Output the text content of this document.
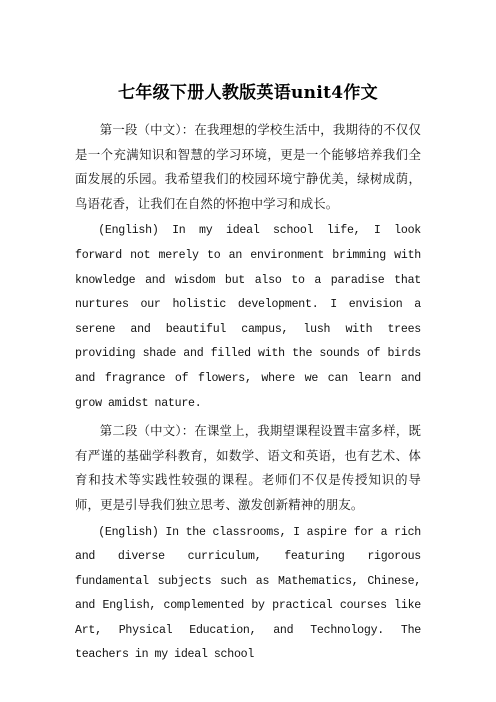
七年级下册人教版英语unit4作文

第一段（中文）：在我理想的学校生活中，我期待的不仅仅是一个充满知识和智慧的学习环境，更是一个能够培养我们全面发展的乐园。我希望我们的校园环境宁静优美，绿树成荫，鸟语花香，让我们在自然的怀抱中学习和成长。

(English) In my ideal school life, I look forward not merely to an environment brimming with knowledge and wisdom but also to a paradise that nurtures our holistic development. I envision a serene and beautiful campus, lush with trees providing shade and filled with the sounds of birds and fragrance of flowers, where we can learn and grow amidst nature.

第二段（中文）：在课堂上，我期望课程设置丰富多样，既有严谨的基础学科教育，如数学、语文和英语，也有艺术、体育和技术等实践性较强的课程。老师们不仅是传授知识的导师，更是引导我们独立思考、激发创新精神的朋友。

(English) In the classrooms, I aspire for a rich and diverse curriculum, featuring rigorous fundamental subjects such as Mathematics, Chinese, and English, complemented by practical courses like Art, Physical Education, and Technology. The teachers in my ideal school
